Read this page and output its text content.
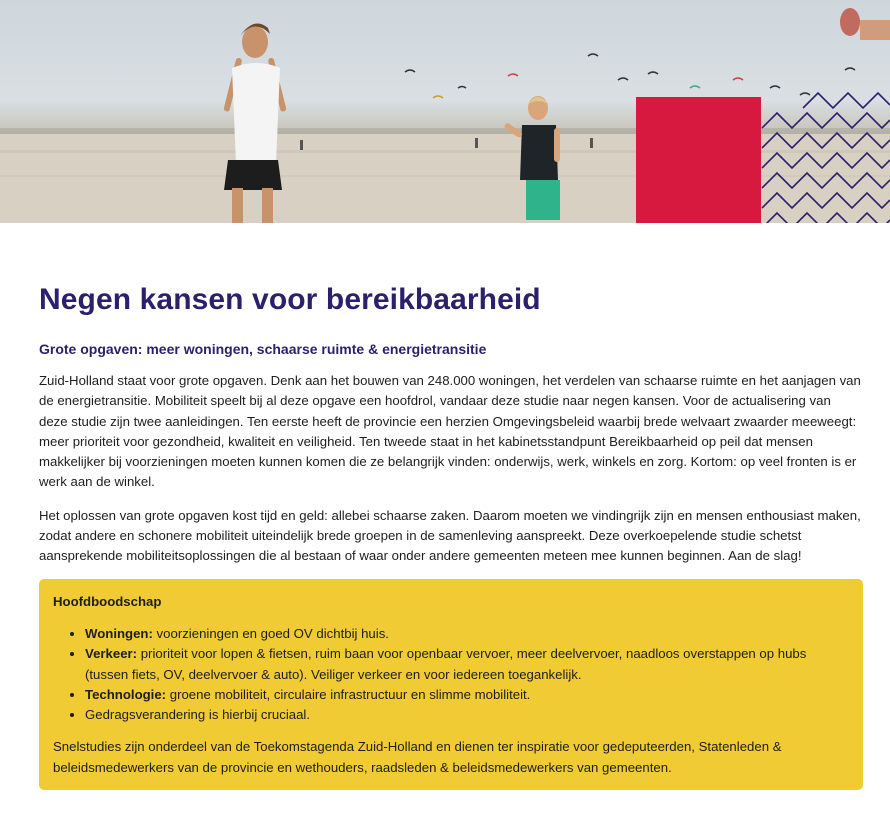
Negen kansen voor bereikbaarheid
Grote opgaven: meer woningen, schaarse ruimte & energietransitie

Zuid-Holland staat voor grote opgaven. Denk aan het bouwen van 248.000 woningen, het verdelen van schaarse ruimte en het aanjagen van de energietransitie. Mobiliteit speelt bij al deze opgave een hoofdrol, vandaar deze studie naar negen kansen. Voor de actualisering van deze studie zijn twee aanleidingen. Ten eerste heeft de provincie een herzien Omgevingsbeleid waarbij brede welvaart zwaarder meeweegt: meer prioriteit voor gezondheid, kwaliteit en veiligheid. Ten tweede staat in het kabinetsstandpunt Bereikbaarheid op peil dat mensen makkelijker bij voorzieningen moeten kunnen komen die ze belangrijk vinden: onderwijs, werk, winkels en zorg. Kortom: op veel fronten is er werk aan de winkel.

Het oplossen van grote opgaven kost tijd en geld: allebei schaarse zaken. Daarom moeten we vindingrijk zijn en mensen enthousiast maken, zodat andere en schonere mobiliteit uiteindelijk brede groepen in de samenleving aanspreekt. Deze overkoepelende studie schetst aansprekende mobiliteitsoplossingen die al bestaan of waar onder andere gemeenten meteen mee kunnen beginnen. Aan de slag!

Hoofdboodschap
• Woningen: voorzieningen en goed OV dichtbij huis.
• Verkeer: prioriteit voor lopen & fietsen, ruim baan voor openbaar vervoer, meer deelvervoer, naadloos overstappen op hubs (tussen fiets, OV, deelvervoer & auto). Veiliger verkeer en voor iedereen toegankelijk.
• Technologie: groene mobiliteit, circulaire infrastructuur en slimme mobiliteit.
• Gedragsverandering is hierbij cruciaal.

Snelstudies zijn onderdeel van de Toekomstagenda Zuid-Holland en dienen ter inspiratie voor gedeputeerden, Statenleden & beleidsmedewerkers van de provincie en wethouders, raadsleden & beleidsmedewerkers van gemeenten.
